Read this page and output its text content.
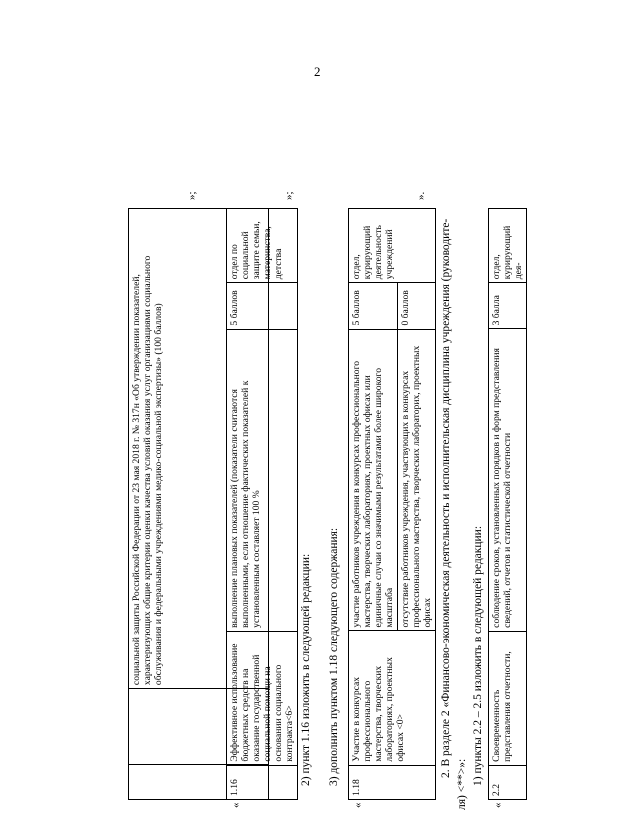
2
		социальной защиты Российской Федерации от 23 мая 2018 г. № 317н «Об утверждении показателей, характеризующих общие критерии оценки качества условий оказания услуг организациями социального обслуживания и федеральными учреждениями медико-социальной экспертизы» (100 баллов)
»;
2) пункт 1.16 изложить в следующей редакции:
«
1.16	Эффективное использование бюджетных средств на оказание государственной социальной помощи на основании социального контракта<6>	выполнение плановых показателей (показатели считаются выполненными, если отношение фактических показателей к установленным составляет 100 %	5 баллов	отдел по социальной защите семьи, материнства, детства
»;
3) дополнить пунктом 1.18 следующего содержания:
«
1.18	Участие в конкурсах профессионального мастерства, творческих лабораториях, проектных офисах <0>	участие работников учреждения в конкурсах профессионального мастерства, творческих лабораториях, проектных офисах или единичные случаи со значимыми результатами более широкого масштаба	5 баллов	отдел, курирующий деятельность учреждений
		отсутствие работников учреждения, участвующих в конкурсах профессионального мастерства, творческих лабораторих, проектных офисах	0 баллов	
».
2. В разделе 2 «Финансово-экономическая деятельность и исполнительская дисциплина учреждения (руководите-
ля) <**>»: 1) пункты 2.2 – 2.5 изложить в следующей редакции:
«
2.2	Своевременность представления отчетности,	соблюдение сроков, установленных порядков и форм представления сведений, отчетов и статистической отчетности	3 балла	отдел, курирующий дея-
